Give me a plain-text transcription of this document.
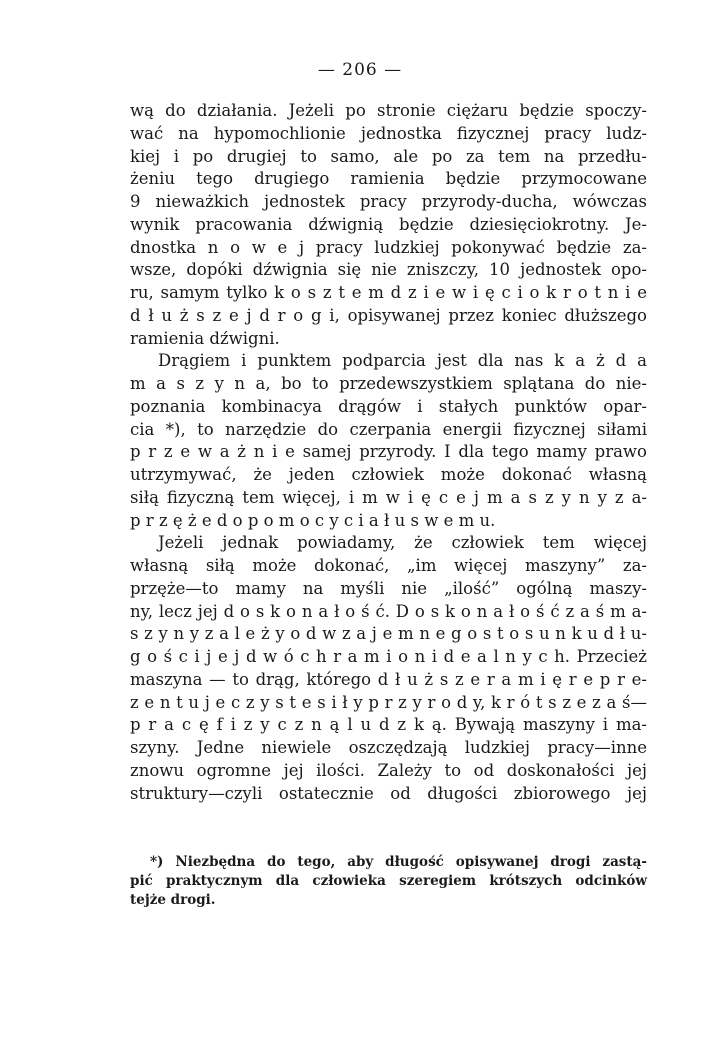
— 206 —
wą do działania. Jeżeli po stronie ciężaru będzie spoczy-
wać na hypomochlionie jednostka fizycznej pracy ludz-
kiej i po drugiej to samo, ale po za tem na przedłu-
żeniu tego drugiego ramienia będzie przymocowane
9 nieważkich jednostek pracy przyrody-ducha, wówczas
wynik pracowania dźwignią będzie dziesięciokrotny. Je-
dnostka n o w e j pracy ludzkiej pokonywać będzie za-
wsze, dopóki dźwignia się nie zniszczy, 10 jednostek opo-
ru, samym tylko k o s z t e m d z i e w i ę c i o k r o t n i e
d ł u ż s z e j d r o g i, opisywanej przez koniec dłuższego
ramienia dźwigni.
Drągiem i punktem podparcia jest dla nas k a ż d a
m a s z y n a, bo to przedewszystkiem splątana do nie-
poznania kombinacya drągów i stałych punktów opar-
cia *), to narzędzie do czerpania energii fizycznej siłami
p r z e w a ż n i e samej przyrody. I dla tego mamy prawo
utrzymywać, że jeden człowiek może dokonać własną
siłą fizyczną tem więcej, i m w i ę c e j m a s z y n y z a-
p r z ę ż e d o p o m o c y c i a ł u s w e m u.
Jeżeli jednak powiadamy, że człowiek tem więcej
własną siłą może dokonać, „im więcej maszyny” za-
przęże—to mamy na myśli nie „ilość” ogólną maszy-
ny, lecz jej d o s k o n a ł o ś ć. D o s k o n a ł o ś ć z a ś m a-
s z y n y z a l e ż y o d w z a j e m n e g o s t o s u n k u d ł u-
g o ś c i j e j d w ó c h r a m i o n i d e a l n y c h. Przecież
maszyna — to drąg, którego d ł u ż s z e r a m i ę r e p r e-
z e n t u j e c z y s t e s i ł y p r z y r o d y, k r ó t s z e z a ś—
p r a c ę f i z y c z n ą l u d z k ą. Bywają maszyny i ma-
szyny. Jedne niewiele oszczędzają ludzkiej pracy—inne
znowu ogromne jej ilości. Zależy to od doskonałości jej
struktury—czyli ostatecznie od długości zbiorowego jej
*) Niezbędna do tego, aby długość opisywanej drogi zastą-
pić praktycznym dla człowieka szeregiem krótszych odcinków
tejże drogi.
